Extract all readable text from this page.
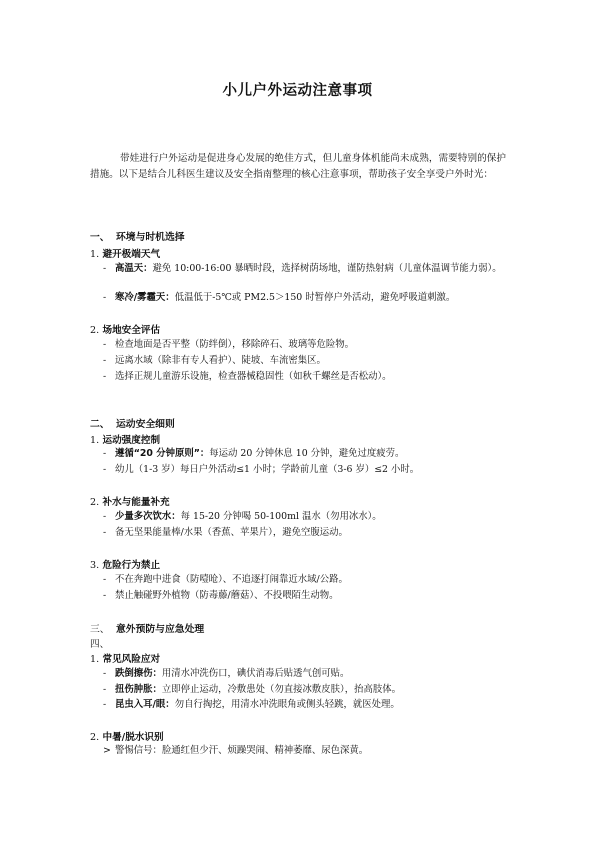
小儿户外运动注意事项
带娃进行户外运动是促进身心发展的绝佳方式，但儿童身体机能尚未成熟，需要特别的保护措施。以下是结合儿科医生建议及安全指南整理的核心注意事项，帮助孩子安全享受户外时光：
一、 环境与时机选择
1. 避开极端天气
- 高温天：避免 10:00-16:00 暴晒时段，选择树荫场地，谨防热射病（儿童体温调节能力弱）。
- 寒冷/雾霾天：低温低于-5℃或 PM2.5＞150 时暂停户外活动，避免呼吸道刺激。
2. 场地安全评估
- 检查地面是否平整（防绊倒），移除碎石、玻璃等危险物。
- 远离水域（除非有专人看护）、陡坡、车流密集区。
- 选择正规儿童游乐设施，检查器械稳固性（如秋千螺丝是否松动）。
二、 运动安全细则
1. 运动强度控制
- 遵循“20 分钟原则”：每运动 20 分钟休息 10 分钟，避免过度疲劳。
- 幼儿（1-3 岁）每日户外活动≤1 小时；学龄前儿童（3-6 岁）≤2 小时。
2. 补水与能量补充
- 少量多次饮水：每 15-20 分钟喝 50-100ml 温水（勿用冰水）。
- 备无坚果能量棒/水果（香蕉、苹果片），避免空腹运动。
3. 危险行为禁止
- 不在奔跑中进食（防噎呛）、不追逐打闹靠近水域/公路。
- 禁止触碰野外植物（防毒藤/蘑菇）、不投喂陌生动物。
三、 意外预防与应急处理
四、
1. 常见风险应对
- 跌倒擦伤：用清水冲洗伤口，碘伏消毒后贴透气创可贴。
- 扭伤肿胀：立即停止运动，冷敷患处（勿直接冰敷皮肤），抬高肢体。
- 昆虫入耳/眼：勿自行掏挖，用清水冲洗眼角或侧头轻跳，就医处理。
2. 中暑/脱水识别
> 警惕信号：脸通红但少汗、烦躁哭闹、精神萎靡、尿色深黄。
